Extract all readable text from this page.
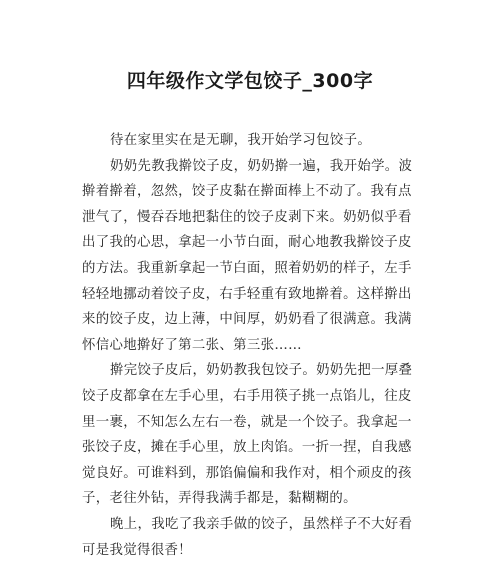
四年级作文学包饺子_300字
待在家里实在是无聊，我开始学习包饺子。
奶奶先教我擀饺子皮，奶奶擀一遍，我开始学。波
擀着擀着，忽然，饺子皮黏在擀面棒上不动了。我有点
泄气了，慢吞吞地把黏住的饺子皮剥下来。奶奶似乎看
出了我的心思，拿起一小节白面，耐心地教我擀饺子皮
的方法。我重新拿起一节白面，照着奶奶的样子，左手
轻轻地挪动着饺子皮，右手轻重有致地擀着。这样擀出
来的饺子皮，边上薄，中间厚，奶奶看了很满意。我满
怀信心地擀好了第二张、第三张……
擀完饺子皮后，奶奶教我包饺子。奶奶先把一厚叠
饺子皮都拿在左手心里，右手用筷子挑一点馅儿，往皮
里一裹，不知怎么左右一卷，就是一个饺子。我拿起一
张饺子皮，摊在手心里，放上肉馅。一折一捏，自我感
觉良好。可谁料到，那馅偏偏和我作对，相个顽皮的孩
子，老往外钻，弄得我满手都是，黏糊糊的。
晚上，我吃了我亲手做的饺子，虽然样子不大好看
可是我觉得很香！
